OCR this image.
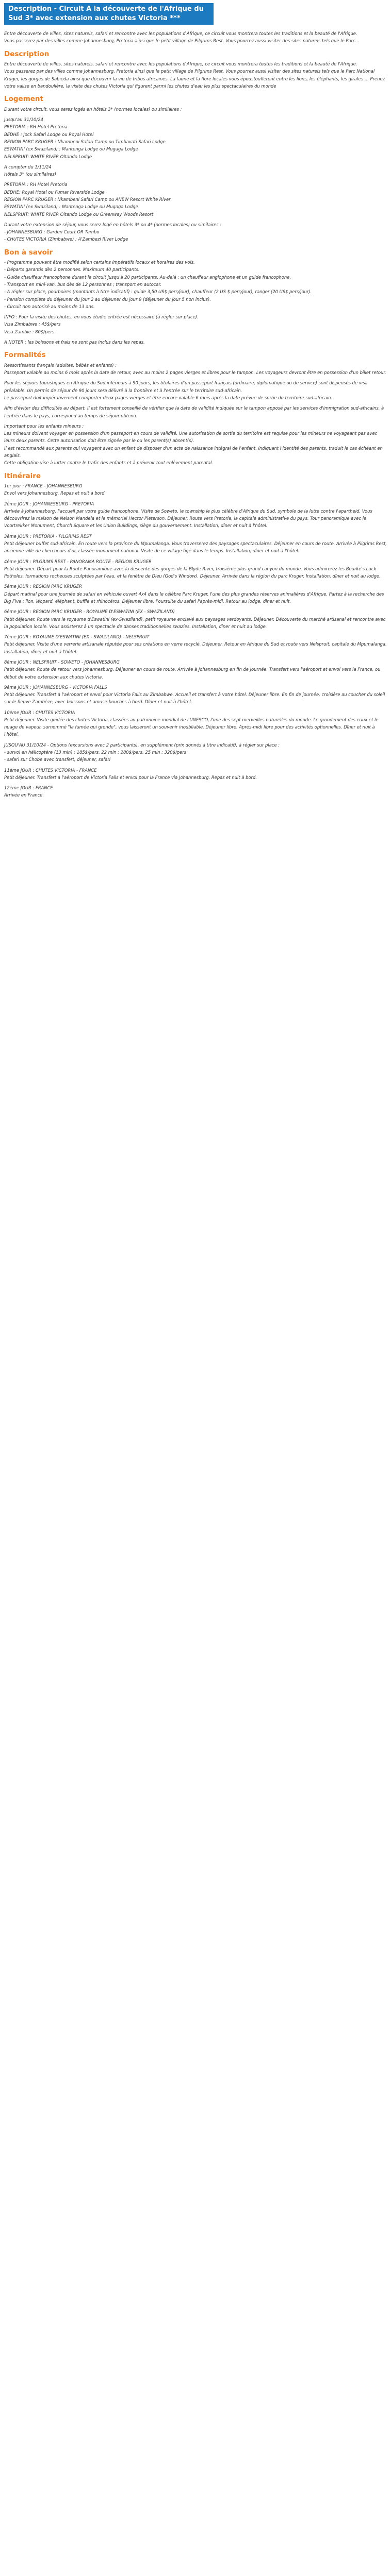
Description - Circuit A la découverte de l'Afrique du Sud 3* avec extension aux chutes Victoria ***

Entre découverte de villes, sites naturels, safari et rencontre avec les populations d'Afrique, ce circuit vous montrera toutes les traditions et la beauté de l'Afrique.
Vous passerez par des villes comme Johannesburg, Pretoria ainsi que le petit village de Pilgrims Rest. Vous pourrez aussi visiter des sites naturels tels que le Parc...

Description

Entre découverte de villes, sites naturels, safari et rencontre avec les populations d'Afrique, ce circuit vous montrera toutes les traditions et la beauté de l'Afrique.
Vous passerez par des villes comme Johannesburg, Pretoria ainsi que le petit village de Pilgrims Rest. Vous pourrez aussi visiter des sites naturels tels que le Parc National Kruger, les gorges de Sabieda ainsi que découvrir la vie de tribus africaines. La faune et la flore locales vous époustoufleront entre les lions, les éléphants, les girafes ... Prenez votre valise en bandoulière, la visite des chutes Victoria qui figurent parmi les chutes d'eau les plus spectaculaires du monde

Logement

Durant votre circuit, vous serez logés en hôtels 3* (normes locales) ou similaires :

Jusqu'au 31/10/24
PRETORIA : RH Hotel Pretoria
BEDHE : Jock Safari Lodge ou Royal Hotel
REGION PARC KRUGER : Nkambeni Safari Camp ou Timbavati Safari Lodge
ESWATINI (ex Swaziland) : Mantenga Lodge ou Mugaga Lodge
NELSPRUIT: WHITE RIVER Oltando Lodge

A compter du 1/11/24
Hôtels 3* (ou similaires)

PRETORIA : RH Hotel Pretoria
BEDHE: Royal Hotel ou Fumar Riverside Lodge
REGION PARC KRUGER : Nkambeni Safari Camp ou ANEW Resort White River
ESWATINI (ex Swaziland) : Mantenga Lodge ou Mugaga Lodge
NELSPRUIT: WHITE RIVER Oltando Lodge ou Greenway Woods Resort

Durant votre extension de séjour, vous serez logé en hôtels 3* ou 4* (normes locales) ou similaires :
- JOHANNESBURG : Garden Court OR Tambo
- CHUTES VICTORIA (Zimbabwe) : A'Zambezi River Lodge

Bon à savoir

- Programme pouvant être modifié selon certains impératifs locaux et horaires des vols.
- Départs garantis dès 2 personnes. Maximum 40 participants.
- Guide chauffeur francophone durant le circuit jusqu'à 20 participants. Au-delà : un chauffeur anglophone et un guide francophone.
- Transport en mini-van, bus dès de 12 personnes ; transport en autocar.
- A régler sur place, pourboires (montants à titre indicatif) : guide 3,50 US$ pers/jour), chauffeur (2 US $ pers/jour), ranger (20 US$ pers/jour).
- Pension complète du déjeuner du jour 2 au déjeuner du jour 9 (déjeuner du jour 5 non inclus).
- Circuit non autorisé au moins de 13 ans.

INFO : Pour la visite des chutes, en vous étudie entrée est nécessaire (à régler sur place).
Visa Zimbabwe : 45$/pers
Visa Zambie : 80$/pers

A NOTER : les boissons et frais ne sont pas inclus dans les repas.

Formalités

Ressortissants français (adultes, bébés et enfants) :
Passeport valable au moins 6 mois après la date de retour, avec au moins 2 pages vierges et libres pour le tampon. Les voyageurs devront être en possession d'un billet retour.

Pour les séjours touristiques en Afrique du Sud inférieurs à 90 jours, les titulaires d'un passeport français (ordinaire, diplomatique ou de service) sont dispensés de visa préalable. Un permis de séjour de 90 jours sera délivré à la frontière et à l'entrée sur le territoire sud-africain.
Le passeport doit impérativement comporter deux pages vierges et être encore valable 6 mois après la date prévue de sortie du territoire sud-africain.

Afin d'éviter des difficultés au départ, il est fortement conseillé de vérifier que la date de validité indiquée sur le tampon apposé par les services d'immigration sud-africains, à l'entrée dans le pays, correspond au temps de séjour obtenu.

Important pour les enfants mineurs :
Les mineurs doivent voyager en possession d'un passeport en cours de validité. Une autorisation de sortie du territoire est requise pour les mineurs ne voyageant pas avec leurs deux parents. Cette autorisation doit être signée par le ou les parent(s) absent(s).
Il est recommandé aux parents qui voyagent avec un enfant de disposer d'un acte de naissance intégral de l'enfant, indiquant l'identité des parents, traduit le cas échéant en anglais.
Cette obligation vise à lutter contre le trafic des enfants et à prévenir tout enlèvement parental.

Itinéraire

1er jour : FRANCE - JOHANNESBURG
Envol vers Johannesburg. Repas et nuit à bord.

2ème JOUR : JOHANNESBURG - PRETORIA
Arrivée à Johannesburg, l'accueil par votre guide francophone. Visite de Soweto, le township le plus célèbre d'Afrique du Sud, symbole de la lutte contre l'apartheid. Vous découvrirez la maison de Nelson Mandela et le mémorial Hector Pieterson. Déjeuner. Route vers Pretoria, la capitale administrative du pays. Tour panoramique avec le Voortrekker Monument, Church Square et les Union Buildings, siège du gouvernement. Installation, dîner et nuit à l'hôtel.

3ème JOUR : PRETORIA - PILGRIMS REST
Petit déjeuner buffet sud-africain. En route vers la province du Mpumalanga. Vous traverserez des paysages spectaculaires. Déjeuner en cours de route. Arrivée à Pilgrims Rest, ancienne ville de chercheurs d'or, classée monument national. Visite de ce village figé dans le temps. Installation, dîner et nuit à l'hôtel.

4ème JOUR : PILGRIMS REST - PANORAMA ROUTE - REGION KRUGER
Petit déjeuner. Départ pour la Route Panoramique avec la descente des gorges de la Blyde River, troisième plus grand canyon du monde. Vous admirerez les Bourke's Luck Potholes, formations rocheuses sculptées par l'eau, et la fenêtre de Dieu (God's Window). Déjeuner. Arrivée dans la région du parc Kruger. Installation, dîner et nuit au lodge.

5ème JOUR : REGION PARC KRUGER
Départ matinal pour une journée de safari en véhicule ouvert 4x4 dans le célèbre Parc Kruger, l'une des plus grandes réserves animalières d'Afrique. Partez à la recherche des Big Five : lion, léopard, éléphant, buffle et rhinocéros. Déjeuner libre. Poursuite du safari l'après-midi. Retour au lodge, dîner et nuit.

6ème JOUR : REGION PARC KRUGER - ROYAUME D'ESWATINI (EX - SWAZILAND)
Petit déjeuner. Route vers le royaume d'Eswatini (ex-Swaziland), petit royaume enclavé aux paysages verdoyants. Déjeuner. Découverte du marché artisanal et rencontre avec la population locale. Vous assisterez à un spectacle de danses traditionnelles swazies. Installation, dîner et nuit au lodge.

7ème JOUR : ROYAUME D'ESWATINI (EX - SWAZILAND) - NELSPRUIT
Petit déjeuner. Visite d'une verrerie artisanale réputée pour ses créations en verre recyclé. Déjeuner. Retour en Afrique du Sud et route vers Nelspruit, capitale du Mpumalanga. Installation, dîner et nuit à l'hôtel.

8ème JOUR : NELSPRUIT - SOWETO - JOHANNESBURG
Petit déjeuner. Route de retour vers Johannesburg. Déjeuner en cours de route. Arrivée à Johannesburg en fin de journée. Transfert vers l'aéroport et envol vers la France, ou début de votre extension aux chutes Victoria.

9ème JOUR : JOHANNESBURG - VICTORIA FALLS
Petit déjeuner. Transfert à l'aéroport et envol pour Victoria Falls au Zimbabwe. Accueil et transfert à votre hôtel. Déjeuner libre. En fin de journée, croisière au coucher du soleil sur le fleuve Zambèze, avec boissons et amuse-bouches à bord. Dîner et nuit à l'hôtel.

10ème JOUR : CHUTES VICTORIA
Petit déjeuner. Visite guidée des chutes Victoria, classées au patrimoine mondial de l'UNESCO, l'une des sept merveilles naturelles du monde. Le grondement des eaux et le nuage de vapeur, surnommé "la fumée qui gronde", vous laisseront un souvenir inoubliable. Déjeuner libre. Après-midi libre pour des activités optionnelles. Dîner et nuit à l'hôtel.

JUSQU'AU 31/10/24 - Options (excursions avec 2 participants), en supplément (prix donnés à titre indicatif), à régler sur place :
- survol en hélicoptère (13 min) : 185$/pers, 22 min : 280$/pers, 25 min : 320$/pers
- safari sur Chobe avec transfert, déjeuner, safari

11ème JOUR : CHUTES VICTORIA - FRANCE
Petit déjeuner. Transfert à l'aéroport de Victoria Falls et envol pour la France via Johannesburg. Repas et nuit à bord.

12ème JOUR : FRANCE
Arrivée en France.
